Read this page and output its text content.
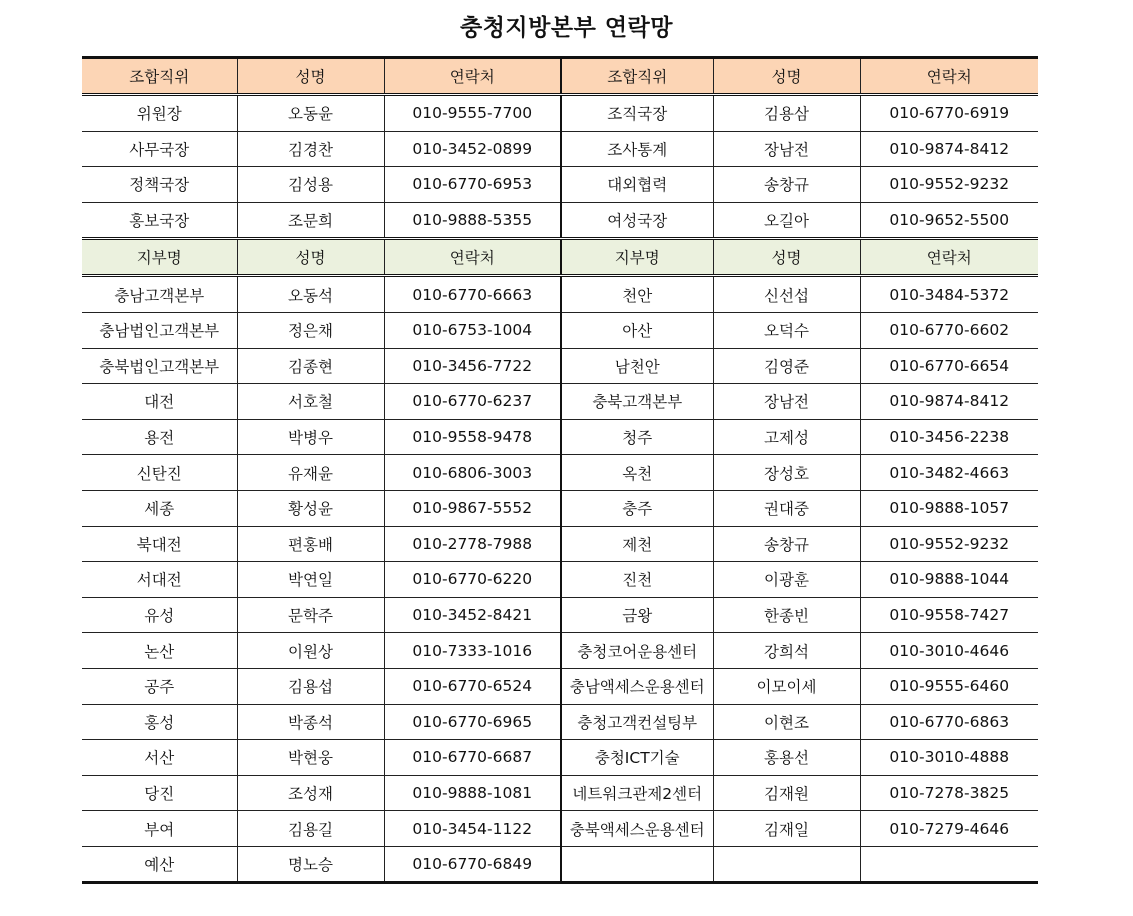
충청지방본부 연락망
조합직위	성명	연락처	조합직위	성명	연락처
위원장	오동윤	010-9555-7700	조직국장	김용삼	010-6770-6919
사무국장	김경찬	010-3452-0899	조사통계	장남전	010-9874-8412
정책국장	김성용	010-6770-6953	대외협력	송창규	010-9552-9232
홍보국장	조문희	010-9888-5355	여성국장	오길아	010-9652-5500
지부명	성명	연락처	지부명	성명	연락처
충남고객본부	오동석	010-6770-6663	천안	신선섭	010-3484-5372
충남법인고객본부	정은채	010-6753-1004	아산	오덕수	010-6770-6602
충북법인고객본부	김종현	010-3456-7722	남천안	김영준	010-6770-6654
대전	서호철	010-6770-6237	충북고객본부	장남전	010-9874-8412
용전	박병우	010-9558-9478	청주	고제성	010-3456-2238
신탄진	유재윤	010-6806-3003	옥천	장성호	010-3482-4663
세종	황성윤	010-9867-5552	충주	권대중	010-9888-1057
북대전	편홍배	010-2778-7988	제천	송창규	010-9552-9232
서대전	박연일	010-6770-6220	진천	이광훈	010-9888-1044
유성	문학주	010-3452-8421	금왕	한종빈	010-9558-7427
논산	이원상	010-7333-1016	충청코어운용센터	강희석	010-3010-4646
공주	김용섭	010-6770-6524	충남액세스운용센터	이모이세	010-9555-6460
홍성	박종석	010-6770-6965	충청고객컨설팅부	이현조	010-6770-6863
서산	박현웅	010-6770-6687	충청ICT기술	홍용선	010-3010-4888
당진	조성재	010-9888-1081	네트워크관제2센터	김재원	010-7278-3825
부여	김용길	010-3454-1122	충북액세스운용센터	김재일	010-7279-4646
예산	명노승	010-6770-6849			
